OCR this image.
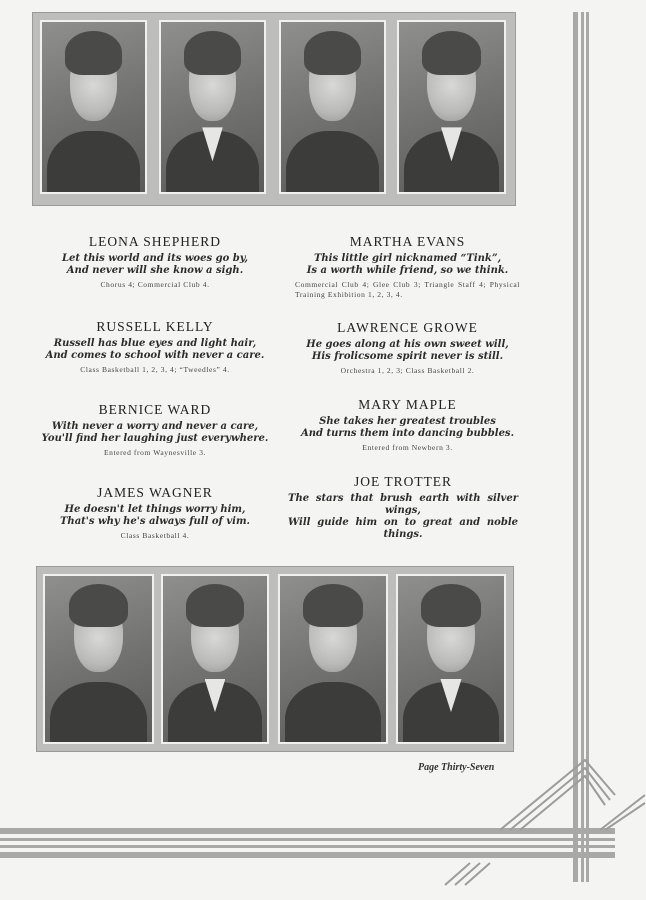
LEONA SHEPHERD
Let this world and its woes go by,
And never will she know a sigh.
Chorus 4; Commercial Club 4.
RUSSELL KELLY
Russell has blue eyes and light hair,
And comes to school with never a care.
Class Basketball 1, 2, 3, 4; “Tweedles” 4.
BERNICE WARD
With never a worry and never a care,
You'll find her laughing just everywhere.
Entered from Waynesville 3.
JAMES WAGNER
He doesn't let things worry him,
That's why he's always full of vim.
Class Basketball 4.
MARTHA EVANS
This little girl nicknamed “Tink”,
Is a worth while friend, so we think.
Commercial Club 4; Glee Club 3; Triangle Staff 4; Physical Training Exhibition 1, 2, 3, 4.
LAWRENCE GROWE
He goes along at his own sweet will,
His frolicsome spirit never is still.
Orchestra 1, 2, 3; Class Basketball 2.
MARY MAPLE
She takes her greatest troubles
And turns them into dancing bubbles.
Entered from Newbern 3.
JOE TROTTER
The stars that brush earth with silver wings,
Will guide him on to great and noble things.
Page Thirty-Seven
